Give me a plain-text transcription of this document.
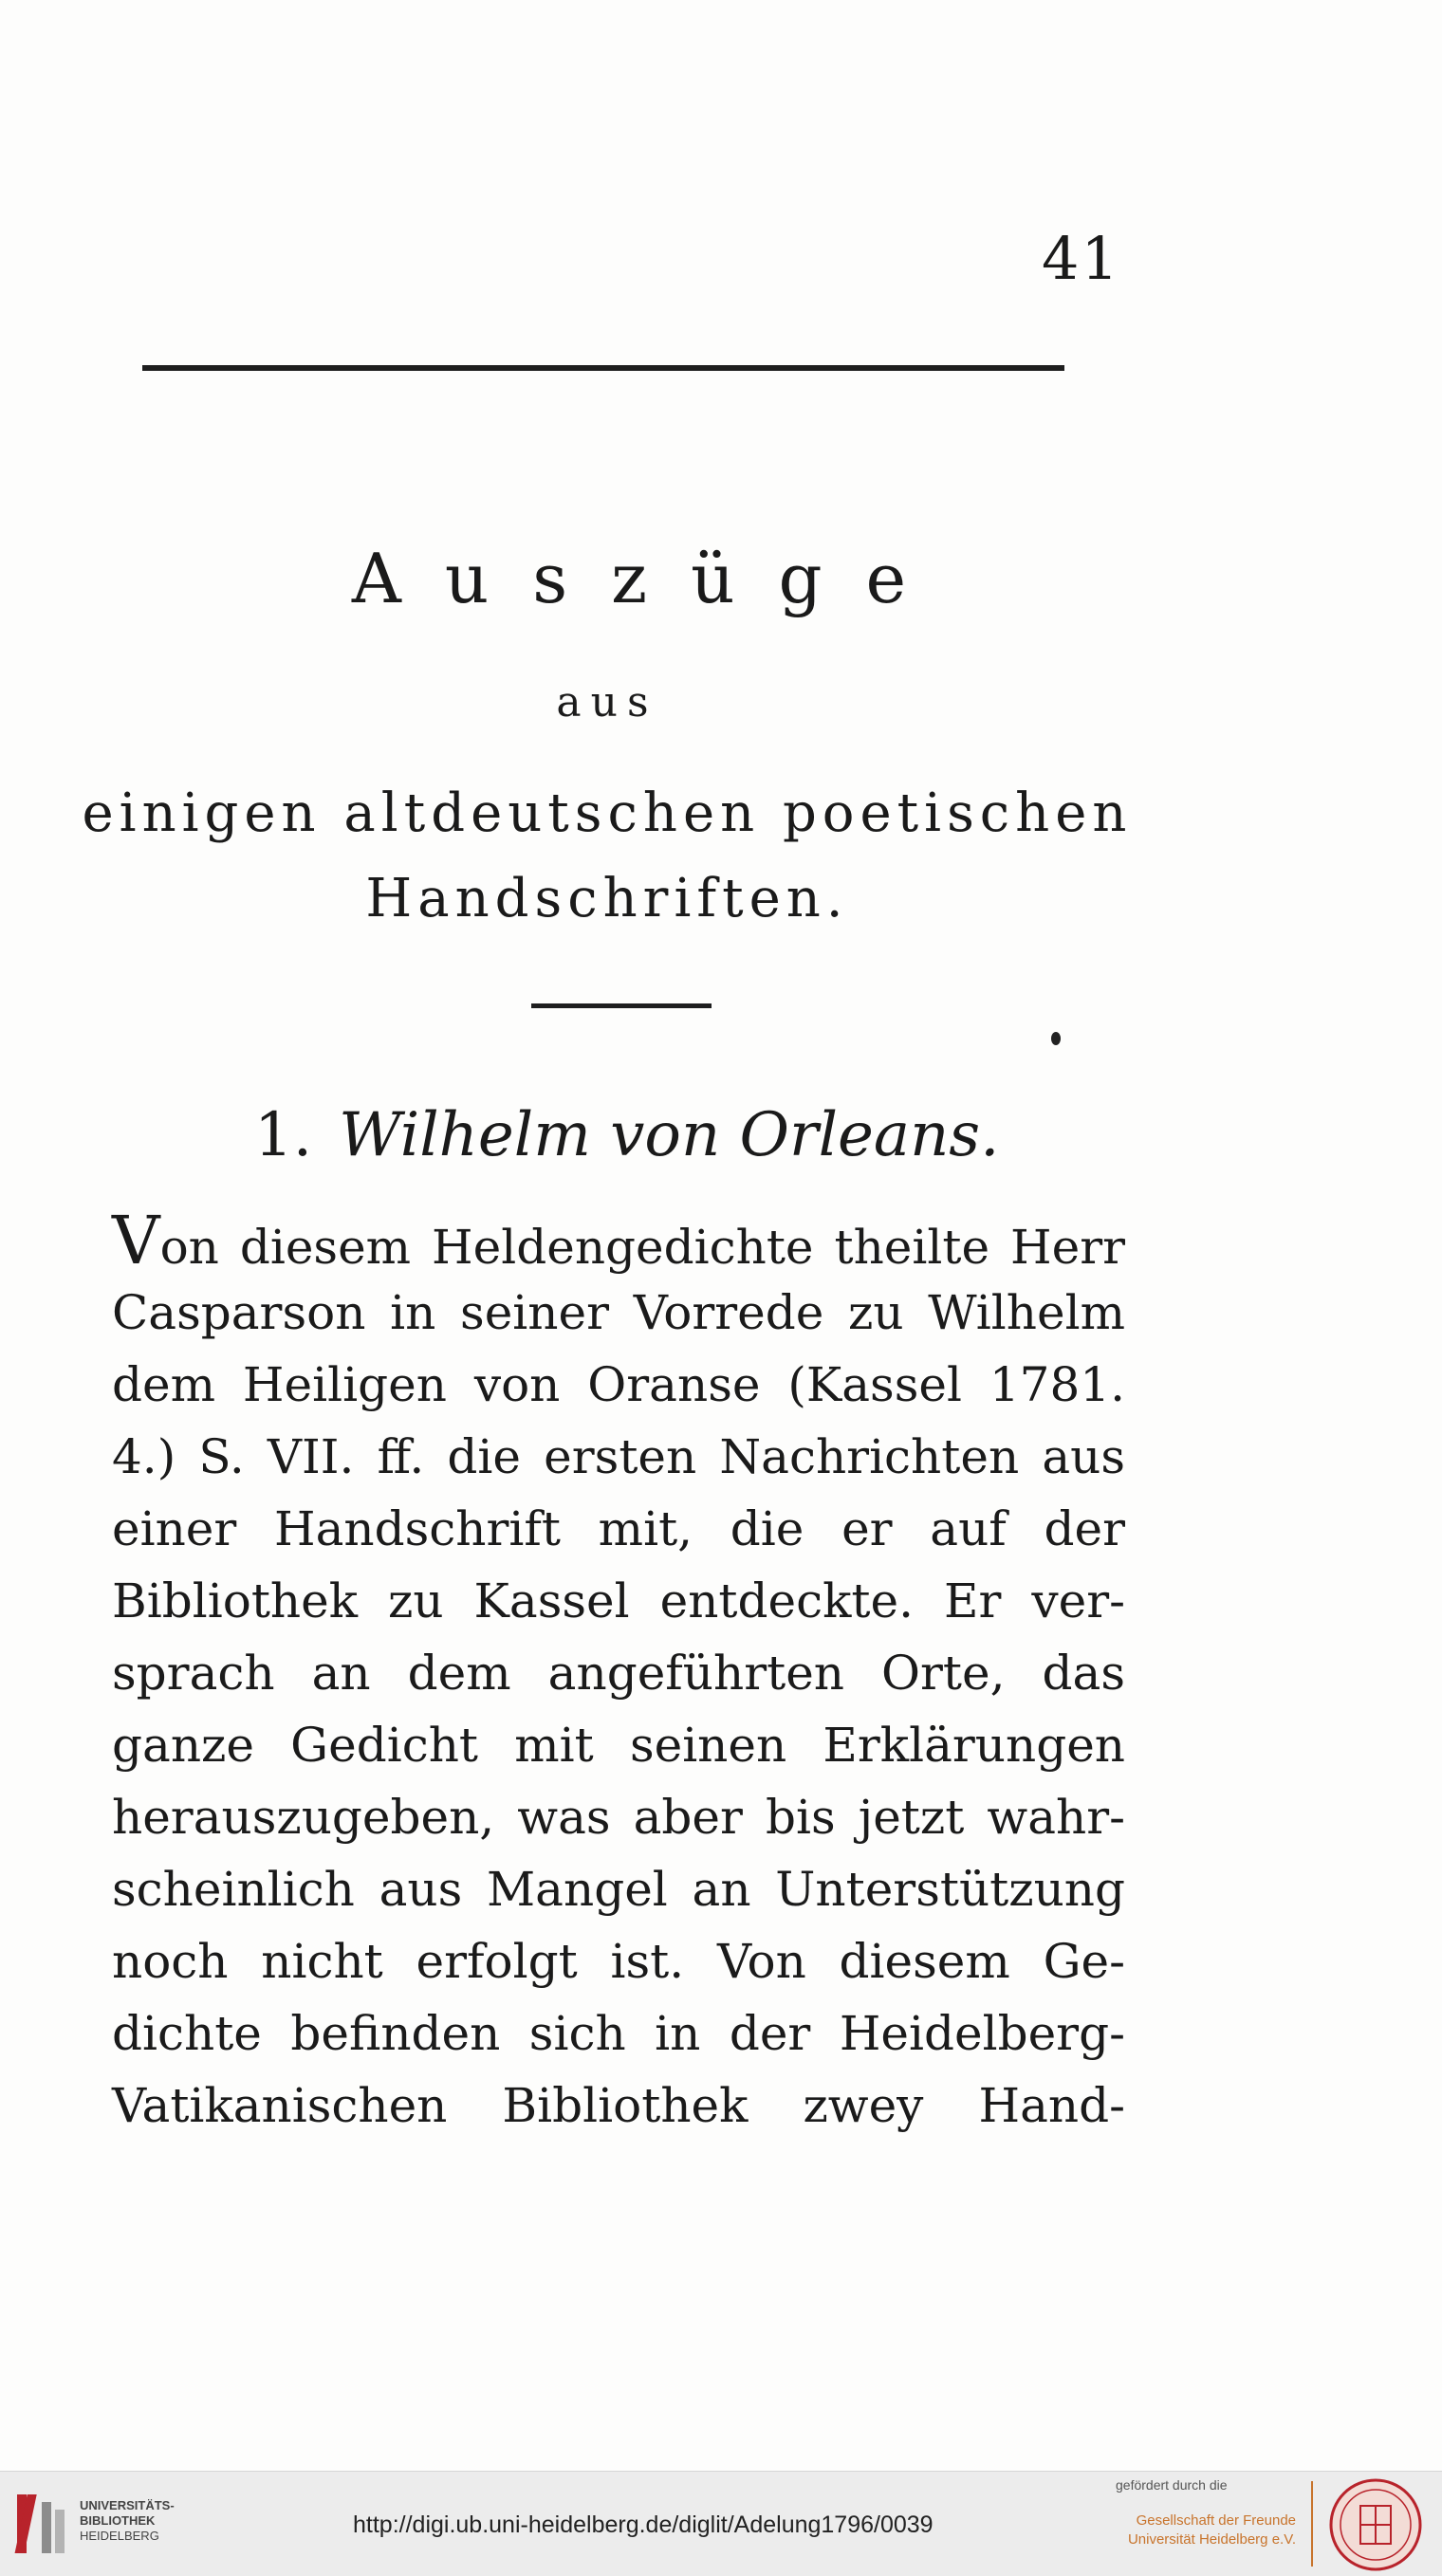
41
Auszüge
aus
einigen altdeutschen poetischen
Handschriften.
1. Wilhelm von Orleans.
Von diesem Heldengedichte theilte Herr
Casparson in seiner Vorrede zu Wilhelm
dem Heiligen von Oranse (Kassel 1781.
4.) S. VII. ff. die ersten Nachrichten aus
einer Handschrift mit, die er auf der
Bibliothek zu Kassel entdeckte. Er ver-
sprach an dem angeführten Orte, das
ganze Gedicht mit seinen Erklärungen
herauszugeben, was aber bis jetzt wahr-
scheinlich aus Mangel an Unterstützung
noch nicht erfolgt ist. Von diesem Ge-
dichte befinden sich in der Heidelberg-
Vatikanischen Bibliothek zwey Hand-
UNIVERSITÄTS-
BIBLIOTHEK
HEIDELBERG	http://digi.ub.uni-heidelberg.de/diglit/Adelung1796/0039
gefördert durch die
Gesellschaft der Freunde
Universität Heidelberg e.V.
